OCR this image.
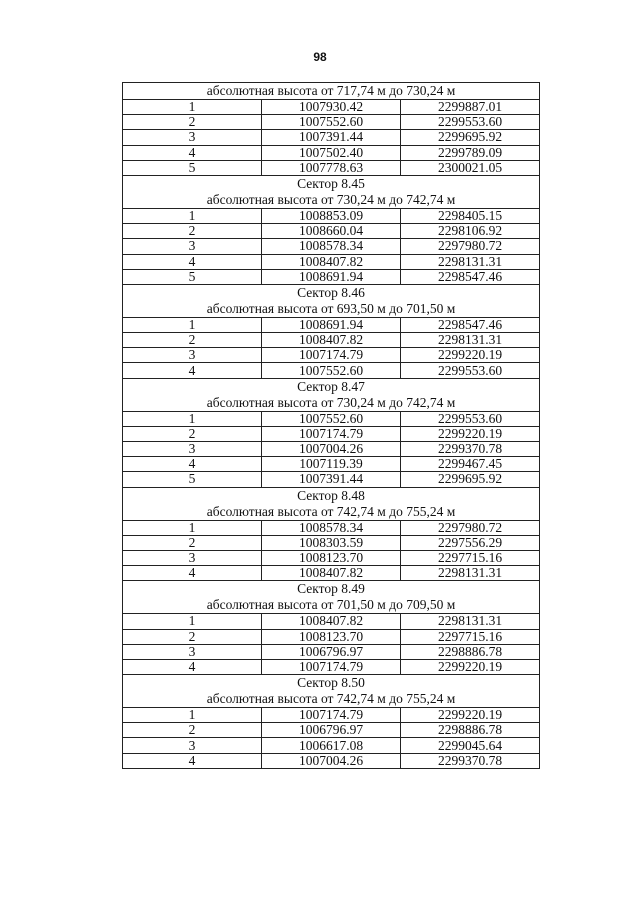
98
абсолютная высота от 717,74 м до 730,24 м		

1	1007930.42	2299887.01
2	1007552.60	2299553.60
3	1007391.44	2299695.92
4	1007502.40	2299789.09
5	1007778.63	2300021.05

Сектор 8.45
абсолютная высота от 730,24 м до 742,74 м		

1	1008853.09	2298405.15
2	1008660.04	2298106.92
3	1008578.34	2297980.72
4	1008407.82	2298131.31
5	1008691.94	2298547.46

Сектор 8.46
абсолютная высота от 693,50 м до 701,50 м		

1	1008691.94	2298547.46
2	1008407.82	2298131.31
3	1007174.79	2299220.19
4	1007552.60	2299553.60

Сектор 8.47
абсолютная высота от 730,24 м до 742,74 м		

1	1007552.60	2299553.60
2	1007174.79	2299220.19
3	1007004.26	2299370.78
4	1007119.39	2299467.45
5	1007391.44	2299695.92

Сектор 8.48
абсолютная высота от 742,74 м до 755,24 м		

1	1008578.34	2297980.72
2	1008303.59	2297556.29
3	1008123.70	2297715.16
4	1008407.82	2298131.31

Сектор 8.49
абсолютная высота от 701,50 м до 709,50 м		

1	1008407.82	2298131.31
2	1008123.70	2297715.16
3	1006796.97	2298886.78
4	1007174.79	2299220.19

Сектор 8.50
абсолютная высота от 742,74 м до 755,24 м		

1	1007174.79	2299220.19
2	1006796.97	2298886.78
3	1006617.08	2299045.64
4	1007004.26	2299370.78
